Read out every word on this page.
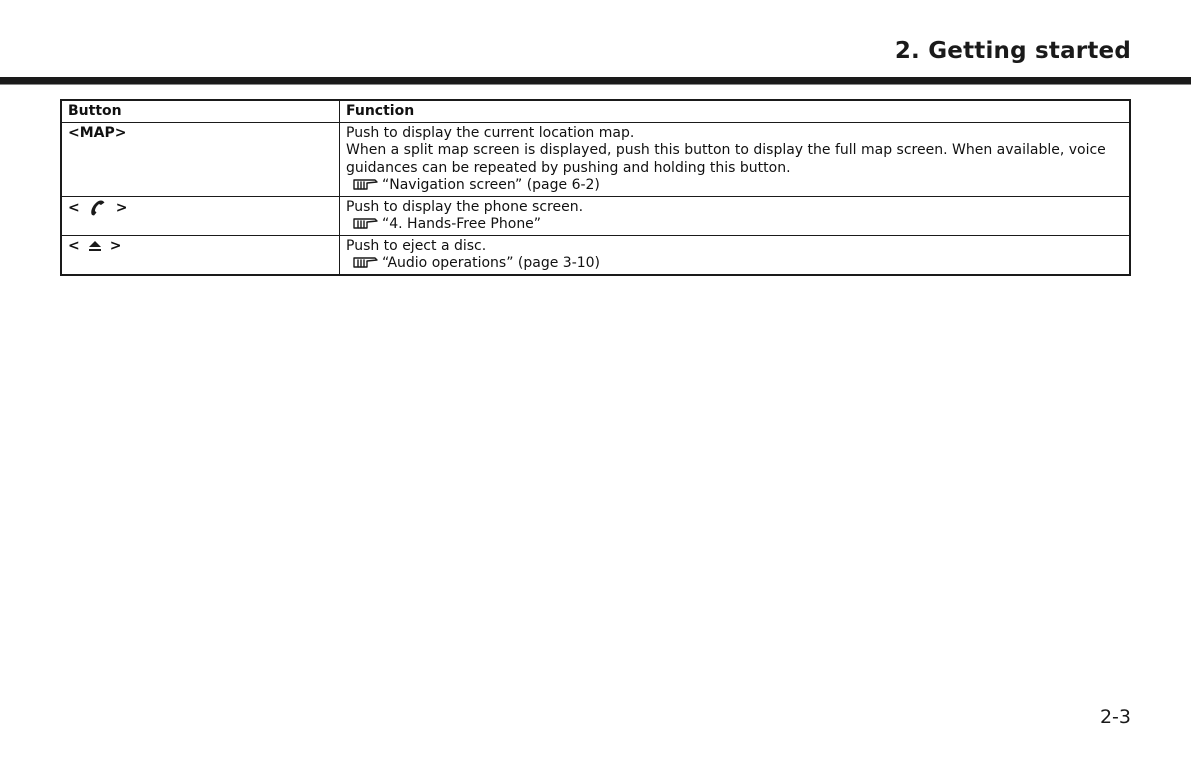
2. Getting started
Button	Function
<MAP>	Push to display the current location map.
When a split map screen is displayed, push this button to display the full map screen. When available, voice guidances can be repeated by pushing and holding this button.
“Navigation screen” (page 6-2)

< >	Push to display the phone screen.
“4. Hands-Free Phone”

< >	Push to eject a disc.
“Audio operations” (page 3-10)
2-3
